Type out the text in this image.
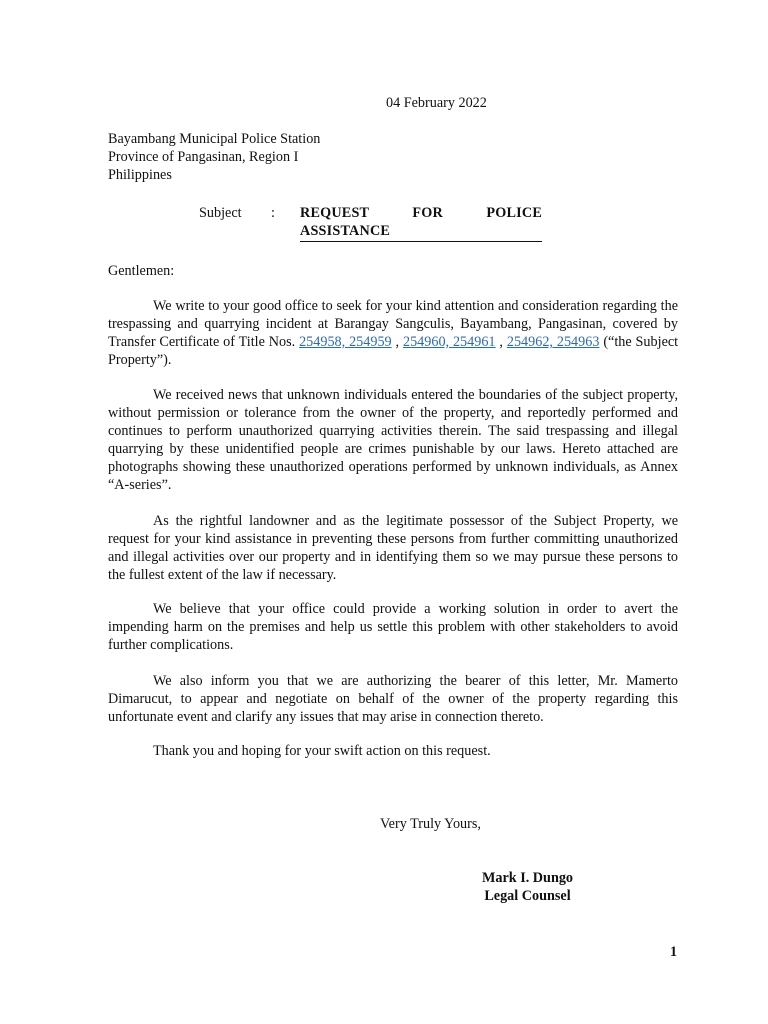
04 February 2022
Bayambang Municipal Police Station
Province of Pangasinan, Region I
Philippines
Subject : REQUEST FOR POLICE ASSISTANCE
Gentlemen:
We write to your good office to seek for your kind attention and consideration regarding the trespassing and quarrying incident at Barangay Sangculis, Bayambang, Pangasinan, covered by Transfer Certificate of Title Nos. 254958, 254959 , 254960, 254961 , 254962, 254963 (“the Subject Property”).
We received news that unknown individuals entered the boundaries of the subject property, without permission or tolerance from the owner of the property, and reportedly performed and continues to perform unauthorized quarrying activities therein. The said trespassing and illegal quarrying by these unidentified people are crimes punishable by our laws. Hereto attached are photographs showing these unauthorized operations performed by unknown individuals, as Annex “A-series”.
As the rightful landowner and as the legitimate possessor of the Subject Property, we request for your kind assistance in preventing these persons from further committing unauthorized and illegal activities over our property and in identifying them so we may pursue these persons to the fullest extent of the law if necessary.
We believe that your office could provide a working solution in order to avert the impending harm on the premises and help us settle this problem with other stakeholders to avoid further complications.
We also inform you that we are authorizing the bearer of this letter, Mr. Mamerto Dimarucut, to appear and negotiate on behalf of the owner of the property regarding this unfortunate event and clarify any issues that may arise in connection thereto.
Thank you and hoping for your swift action on this request.
Very Truly Yours,
Mark I. Dungo
Legal Counsel
1
